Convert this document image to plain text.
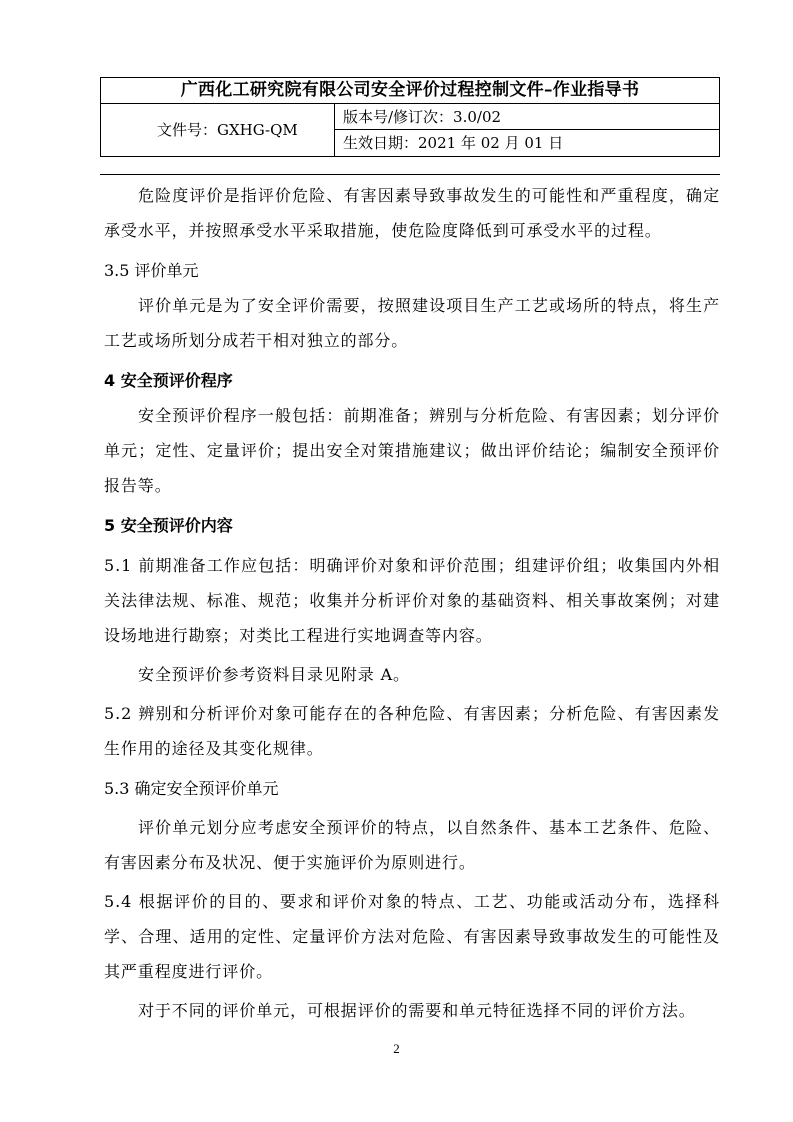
广西化工研究院有限公司安全评价过程控制文件–作业指导书
文件号：GXHG-QM
版本号/修订次：3.0/02
生效日期：2021 年 02 月 01 日

危险度评价是指评价危险、有害因素导致事故发生的可能性和严重程度，确定承受水平，并按照承受水平采取措施，使危险度降低到可承受水平的过程。

3.5 评价单元

评价单元是为了安全评价需要，按照建设项目生产工艺或场所的特点，将生产工艺或场所划分成若干相对独立的部分。

4 安全预评价程序

安全预评价程序一般包括：前期准备；辨别与分析危险、有害因素；划分评价单元；定性、定量评价；提出安全对策措施建议；做出评价结论；编制安全预评价报告等。

5 安全预评价内容

5.1 前期准备工作应包括：明确评价对象和评价范围；组建评价组；收集国内外相关法律法规、标准、规范；收集并分析评价对象的基础资料、相关事故案例；对建设场地进行勘察；对类比工程进行实地调查等内容。

安全预评价参考资料目录见附录 A。

5.2 辨别和分析评价对象可能存在的各种危险、有害因素；分析危险、有害因素发生作用的途径及其变化规律。

5.3 确定安全预评价单元

评价单元划分应考虑安全预评价的特点，以自然条件、基本工艺条件、危险、有害因素分布及状况、便于实施评价为原则进行。

5.4 根据评价的目的、要求和评价对象的特点、工艺、功能或活动分布，选择科学、合理、适用的定性、定量评价方法对危险、有害因素导致事故发生的可能性及其严重程度进行评价。

对于不同的评价单元，可根据评价的需要和单元特征选择不同的评价方法。

2
